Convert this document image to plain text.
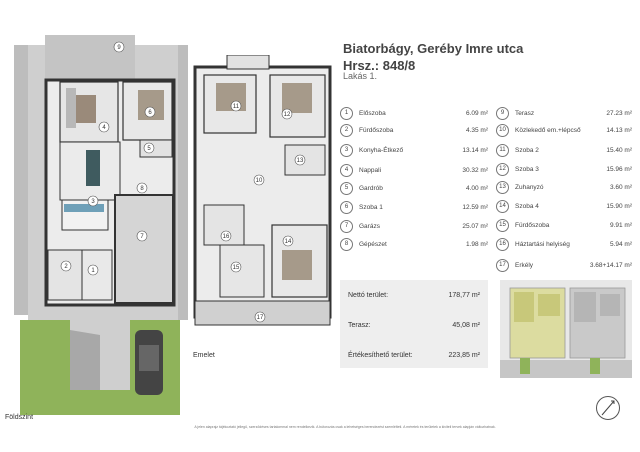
9
4
6
5
3
8
2
1
7
Földszint
11
12
10
13
16
15
14
17
Emelet
Biatorbágy, Geréby Imre utca
Hrsz.: 848/8
Lakás 1.
1	Előszoba	6.09 m²
2	Fürdőszoba	4.35 m²
3	Konyha-Étkező	13.14 m²
4	Nappali	30.32 m²
5	Gardrób	4.00 m²
6	Szoba 1	12.59 m²
7	Garázs	25.07 m²
8	Gépészet	1.98 m²
9	Terasz	27.23 m²
10	Közlekedő em.+lépcső	14.13 m²
11	Szoba 2	15.40 m²
12	Szoba 3	15.96 m²
13	Zuhanyzó	3.60 m²
14	Szoba 4	15.90 m²
15	Fürdőszoba	9.91 m²
16	Háztartási helyiség	5.94 m²
17	Erkély	3.68+14.17 m²
Nettó terület:	178,77 m²
Terasz:	45,08 m²
Értékesíthető terület:	223,85 m²
A jelen alaprajz tájékoztató jellegű, szerződéses tartalommal nem rendelkezik. A bútorozás csak a lehetséges berendezést szemlélteti. A méretek és területek a kiviteli tervek alapján változhatnak.
